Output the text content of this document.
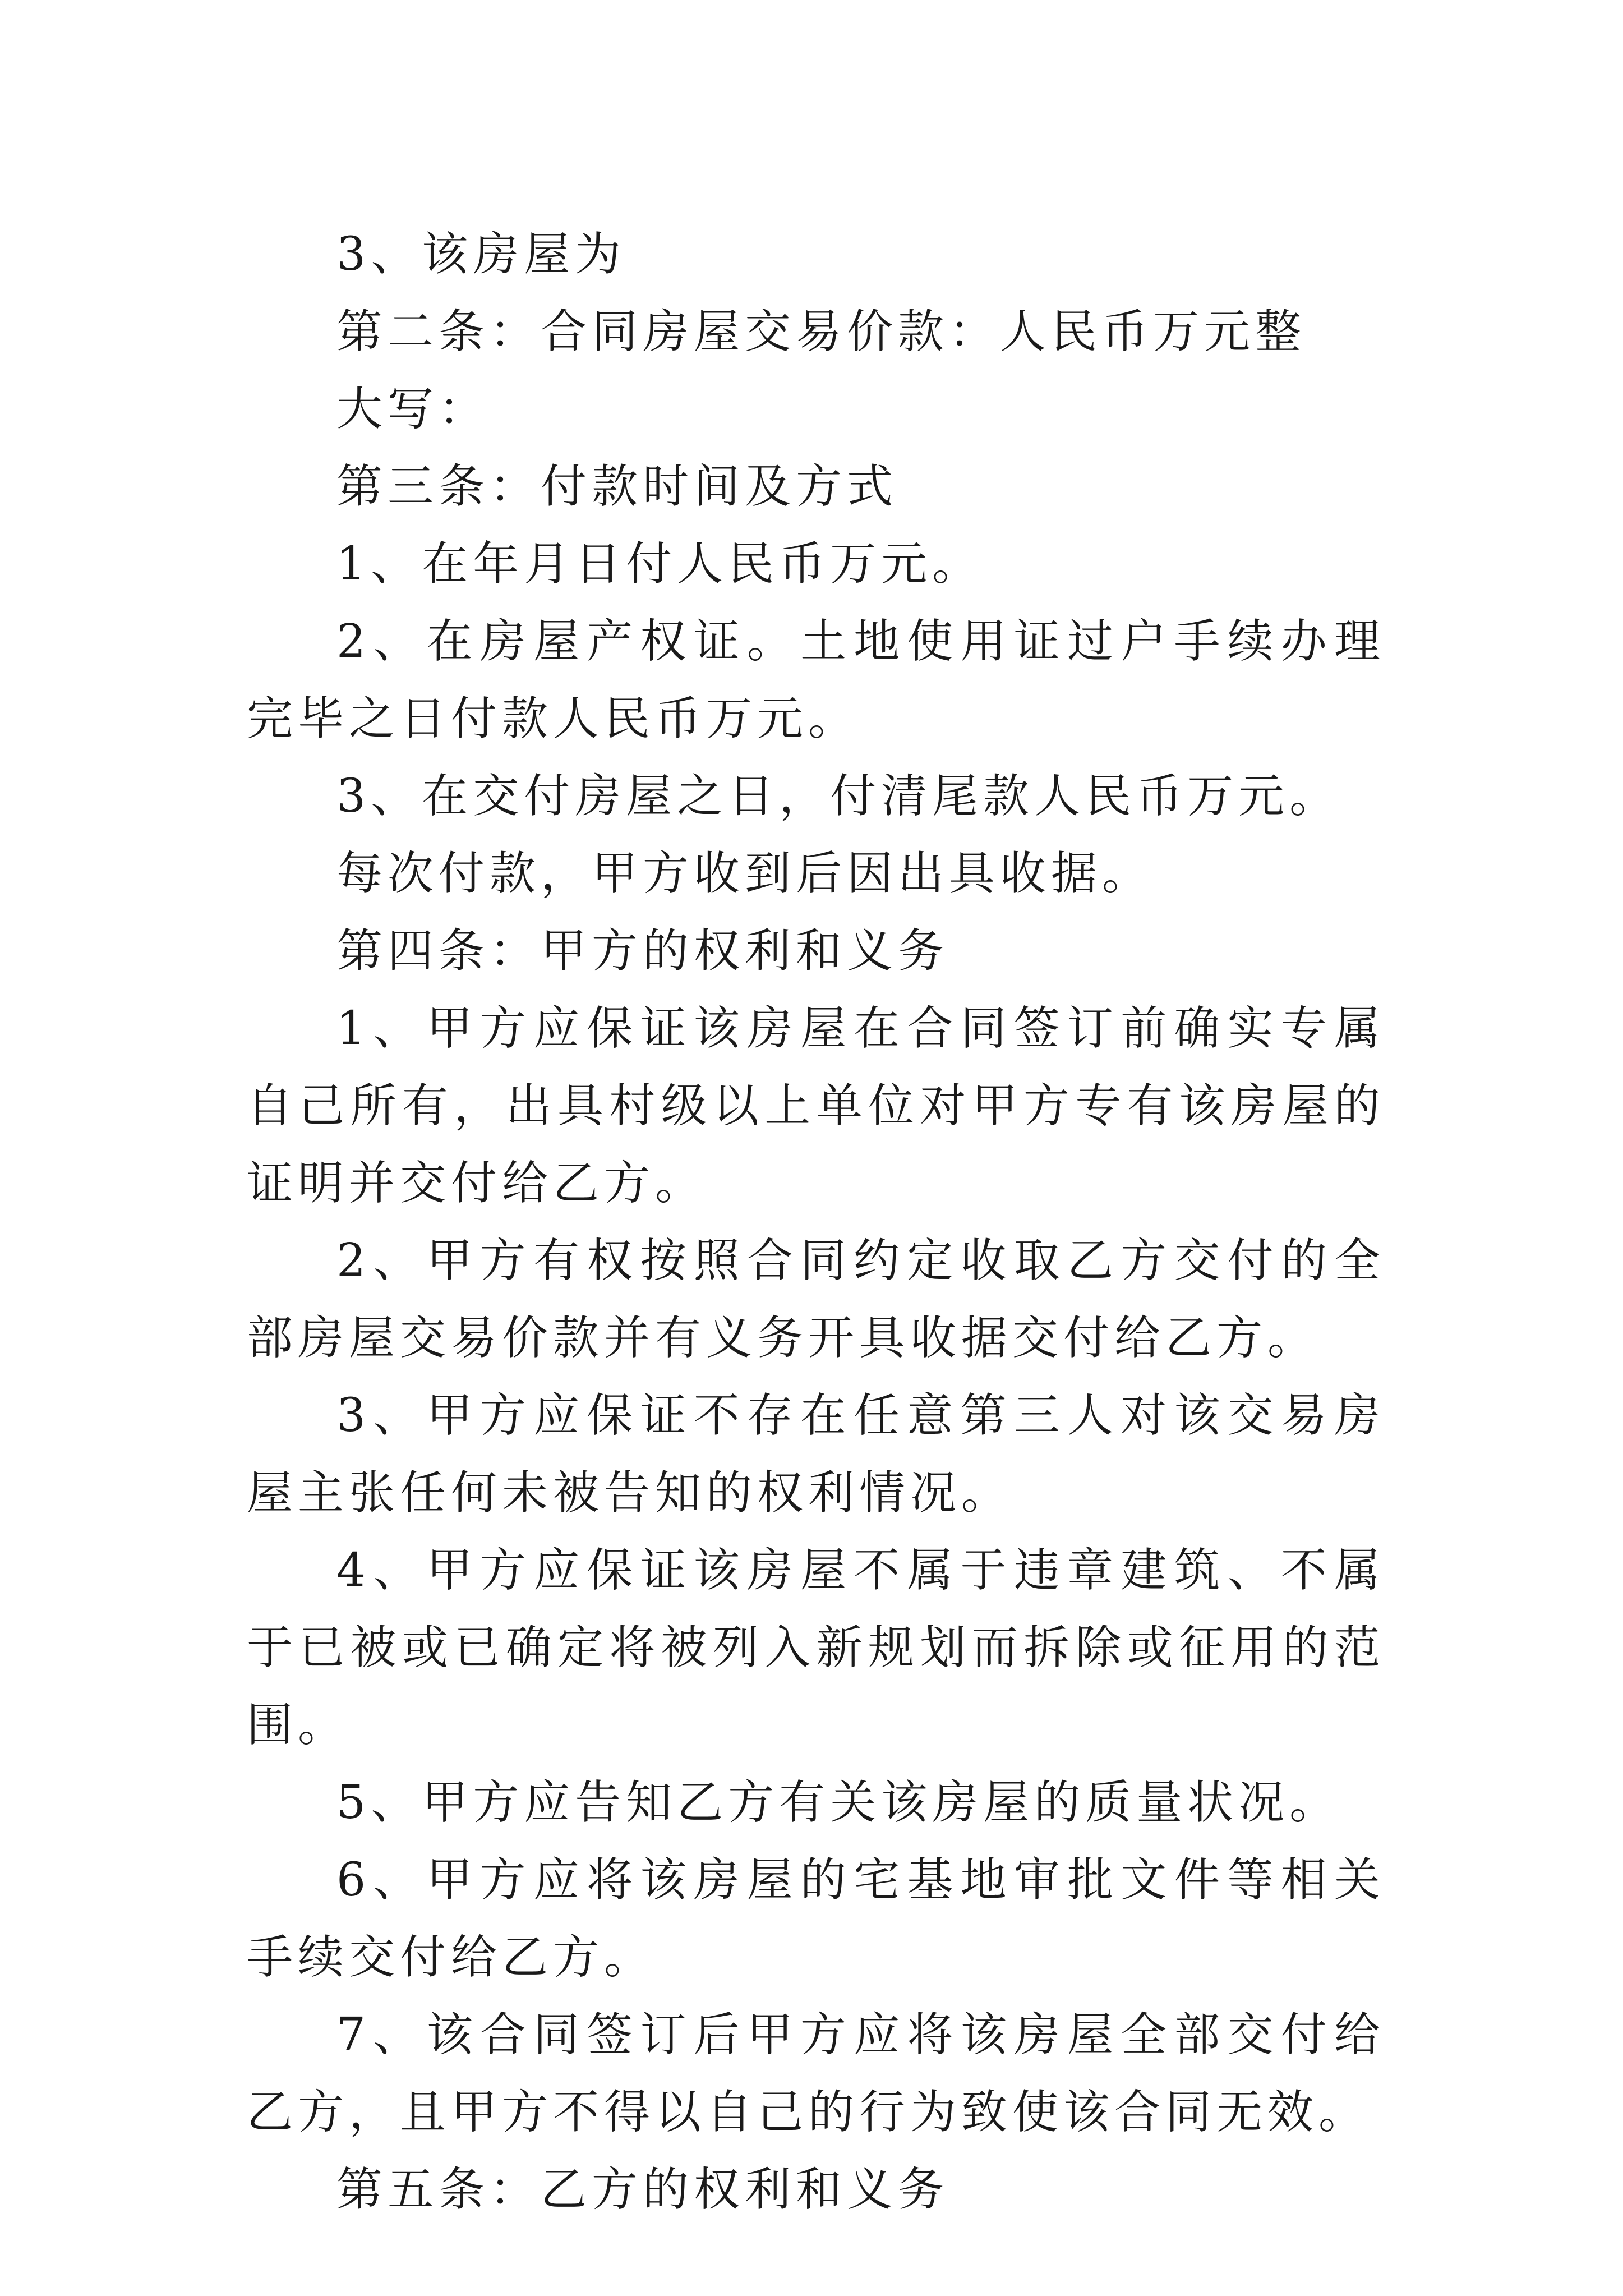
3、该房屋为

第二条：合同房屋交易价款：人民币万元整

大写：

第三条：付款时间及方式

1、在年月日付人民币万元。

2、在房屋产权证。土地使用证过户手续办理完毕之日付款人民币万元。

3、在交付房屋之日，付清尾款人民币万元。

每次付款，甲方收到后因出具收据。

第四条：甲方的权利和义务

1、甲方应保证该房屋在合同签订前确实专属自己所有，出具村级以上单位对甲方专有该房屋的证明并交付给乙方。

2、甲方有权按照合同约定收取乙方交付的全部房屋交易价款并有义务开具收据交付给乙方。

3、甲方应保证不存在任意第三人对该交易房屋主张任何未被告知的权利情况。

4、甲方应保证该房屋不属于违章建筑、不属于已被或已确定将被列入新规划而拆除或征用的范围。

5、甲方应告知乙方有关该房屋的质量状况。

6、甲方应将该房屋的宅基地审批文件等相关手续交付给乙方。

7、该合同签订后甲方应将该房屋全部交付给乙方，且甲方不得以自己的行为致使该合同无效。

第五条：乙方的权利和义务
